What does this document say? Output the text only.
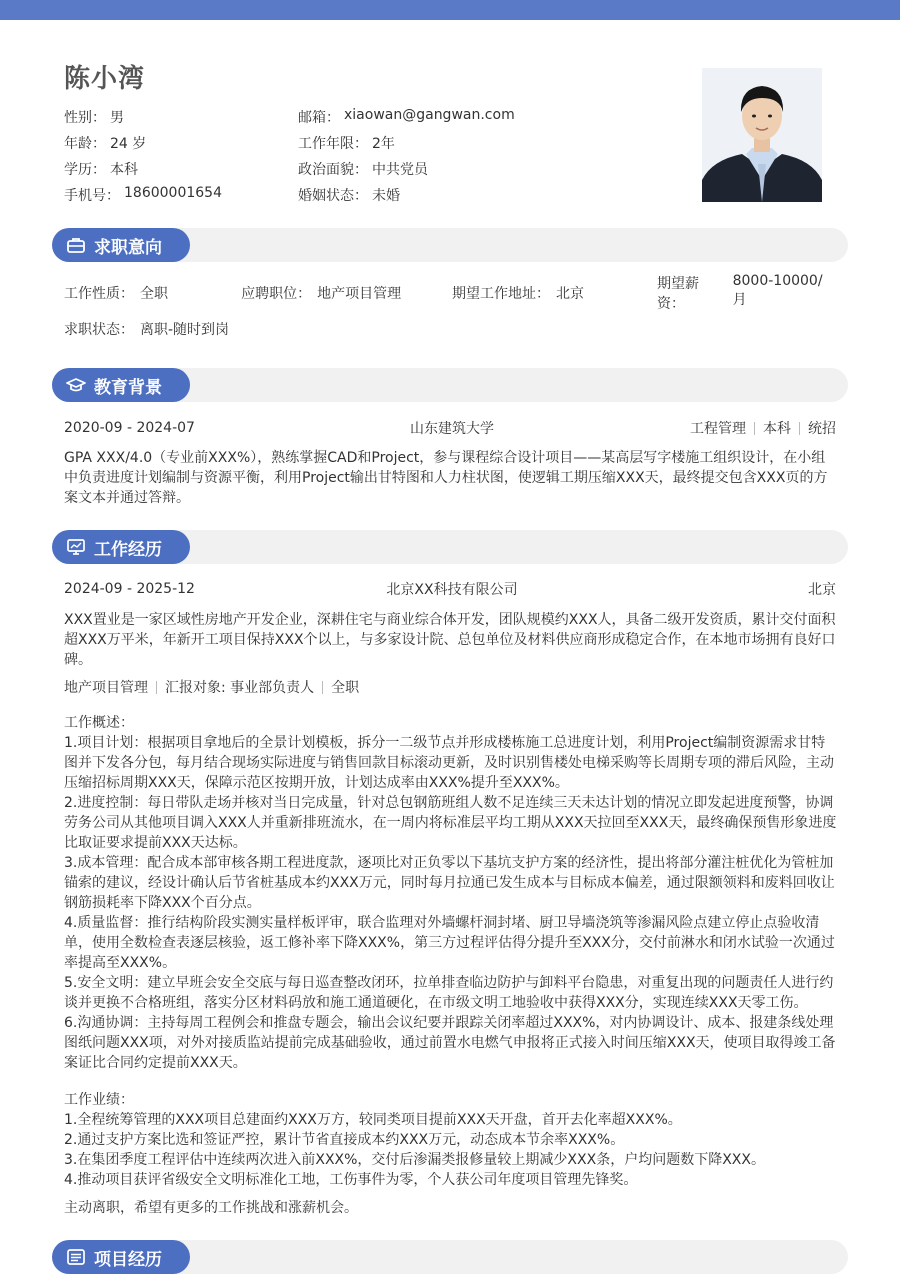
陈小湾
性别： 男	邮箱： xiaowan@gangwan.com
年龄： 24 岁	工作年限： 2年
学历： 本科	政治面貌： 中共党员
手机号： 18600001654	婚姻状态： 未婚
求职意向
工作性质： 全职	应聘职位： 地产项目管理	期望工作地址： 北京
期望薪资：
8000-10000/月
求职状态： 离职-随时到岗
教育背景
2020-09 - 2024-07	山东建筑大学	工程管理 本科 统招
GPA XXX/4.0（专业前XXX%），熟练掌握CAD和Project，参与课程综合设计项目——某高层写字楼施工组织设计，在小组中负责进度计划编制与资源平衡，利用Project输出甘特图和人力柱状图，使逻辑工期压缩XXX天，最终提交包含XXX页的方案文本并通过答辩。
工作经历
2024-09 - 2025-12	北京XX科技有限公司	北京
XXX置业是一家区域性房地产开发企业，深耕住宅与商业综合体开发，团队规模约XXX人，具备二级开发资质，累计交付面积超XXX万平米，年新开工项目保持XXX个以上，与多家设计院、总包单位及材料供应商形成稳定合作，在本地市场拥有良好口碑。
地产项目管理 汇报对象: 事业部负责人 全职

工作概述：

1.项目计划：根据项目拿地后的全景计划模板，拆分一二级节点并形成楼栋施工总进度计划，利用Project编制资源需求甘特图并下发各分包，每月结合现场实际进度与销售回款目标滚动更新，及时识别售楼处电梯采购等长周期专项的滞后风险，主动压缩招标周期XXX天，保障示范区按期开放，计划达成率由XXX%提升至XXX%。

2.进度控制：每日带队走场并核对当日完成量，针对总包钢筋班组人数不足连续三天未达计划的情况立即发起进度预警，协调劳务公司从其他项目调入XXX人并重新排班流水，在一周内将标准层平均工期从XXX天拉回至XXX天，最终确保预售形象进度比取证要求提前XXX天达标。

3.成本管理：配合成本部审核各期工程进度款，逐项比对正负零以下基坑支护方案的经济性，提出将部分灌注桩优化为管桩加锚索的建议，经设计确认后节省桩基成本约XXX万元，同时每月拉通已发生成本与目标成本偏差，通过限额领料和废料回收让钢筋损耗率下降XXX个百分点。

4.质量监督：推行结构阶段实测实量样板评审，联合监理对外墙螺杆洞封堵、厨卫导墙浇筑等渗漏风险点建立停止点验收清单，使用全数检查表逐层核验，返工修补率下降XXX%，第三方过程评估得分提升至XXX分，交付前淋水和闭水试验一次通过率提高至XXX%。

5.安全文明：建立早班会安全交底与每日巡查整改闭环，拉单排查临边防护与卸料平台隐患，对重复出现的问题责任人进行约谈并更换不合格班组，落实分区材料码放和施工通道硬化，在市级文明工地验收中获得XXX分，实现连续XXX天零工伤。

6.沟通协调：主持每周工程例会和推盘专题会，输出会议纪要并跟踪关闭率超过XXX%，对内协调设计、成本、报建条线处理图纸问题XXX项，对外对接质监站提前完成基础验收，通过前置水电燃气申报将正式接入时间压缩XXX天，使项目取得竣工备案证比合同约定提前XXX天。

工作业绩：

1.全程统筹管理的XXX项目总建面约XXX万方，较同类项目提前XXX天开盘，首开去化率超XXX%。

2.通过支护方案比选和签证严控，累计节省直接成本约XXX万元，动态成本节余率XXX%。

3.在集团季度工程评估中连续两次进入前XXX%，交付后渗漏类报修量较上期减少XXX条，户均问题数下降XXX。

4.推动项目获评省级安全文明标准化工地，工伤事件为零，个人获公司年度项目管理先锋奖。

主动离职，希望有更多的工作挑战和涨薪机会。
项目经历
